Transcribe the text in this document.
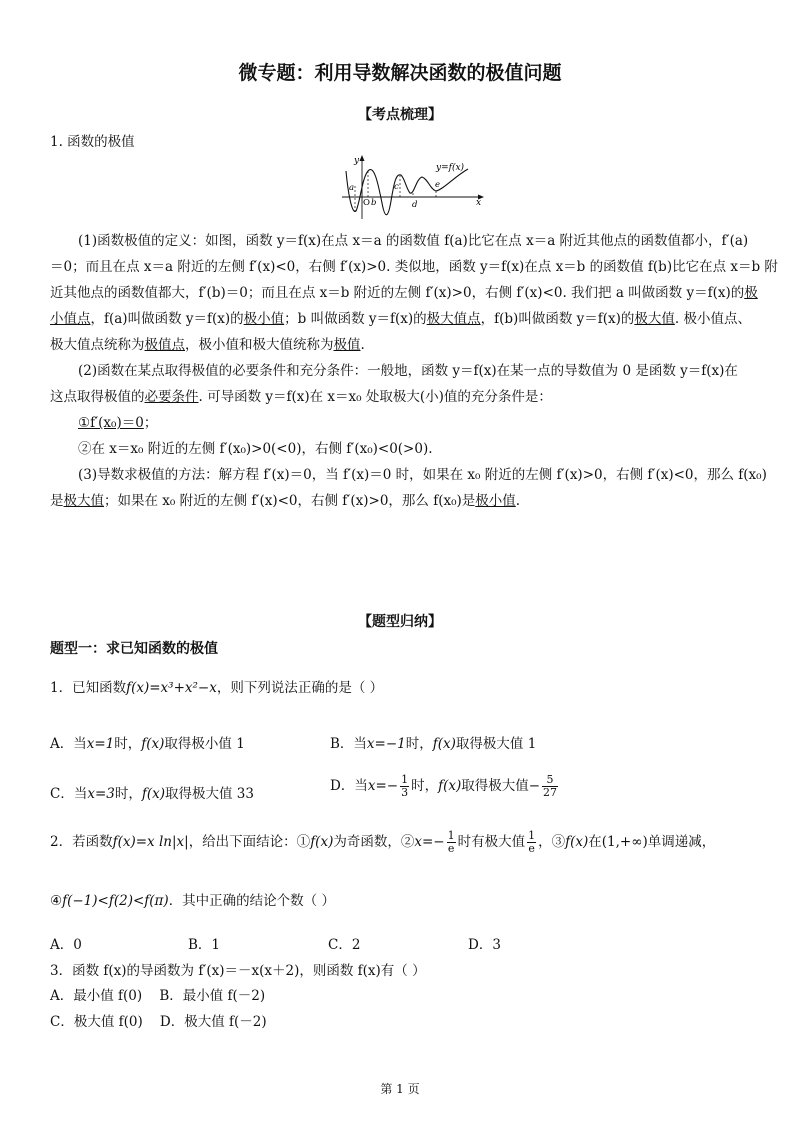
微专题：利用导数解决函数的极值问题
【考点梳理】
1. 函数的极值
y
x
y=f(x)
a
O b
c
d
e
(1)函数极值的定义：如图，函数 y＝f(x)在点 x＝a 的函数值 f(a)比它在点 x＝a 附近其他点的函数值都小，f′(a)
＝0；而且在点 x＝a 附近的左侧 f′(x)<0，右侧 f′(x)>0. 类似地，函数 y＝f(x)在点 x＝b 的函数值 f(b)比它在点 x＝b 附
近其他点的函数值都大，f′(b)＝0；而且在点 x＝b 附近的左侧 f′(x)>0，右侧 f′(x)<0. 我们把 a 叫做函数 y＝f(x)的极
小值点，f(a)叫做函数 y＝f(x)的极小值；b 叫做函数 y＝f(x)的极大值点，f(b)叫做函数 y＝f(x)的极大值. 极小值点、
极大值点统称为极值点，极小值和极大值统称为极值.
(2)函数在某点取得极值的必要条件和充分条件：一般地，函数 y＝f(x)在某一点的导数值为 0 是函数 y＝f(x)在
这点取得极值的必要条件. 可导函数 y＝f(x)在 x＝x₀ 处取极大(小)值的充分条件是：
①f′(x₀)＝0；
②在 x＝x₀ 附近的左侧 f′(x₀)>0(<0)，右侧 f′(x₀)<0(>0).
(3)导数求极值的方法：解方程 f′(x)＝0，当 f′(x)＝0 时，如果在 x₀ 附近的左侧 f′(x)>0，右侧 f′(x)<0，那么 f(x₀)
是极大值；如果在 x₀ 附近的左侧 f′(x)<0，右侧 f′(x)>0，那么 f(x₀)是极小值.
【题型归纳】
题型一：求已知函数的极值
1．已知函数f(x)=x³+x²−x，则下列说法正确的是（ ）
A．当x=1时，f(x)取得极小值 1	B．当x=−1时，f(x)取得极大值 1
C．当x=3时，f(x)取得极大值 33	D．当$x=- \frac{1}{3}$ 时，f(x)取得极大值− $\frac{5}{27}$
2．若函数f(x)=x ln|x|，给出下面结论：①f(x)为奇函数，②x=− $\frac{1}{e}$ 时有极大值 $\frac{1}{e}$ ，③f(x)在(1,+∞)单调递减，
④f(−1)<f(2)<f(π)．其中正确的结论个数（ ）
A．0	B．1	C．2	D．3
3．函数 f(x)的导函数为 f′(x)＝－x(x＋2)，则函数 f(x)有（ ）
A．最小值 f(0)    B．最小值 f(－2)
C．极大值 f(0)    D．极大值 f(－2)
第 1 页
